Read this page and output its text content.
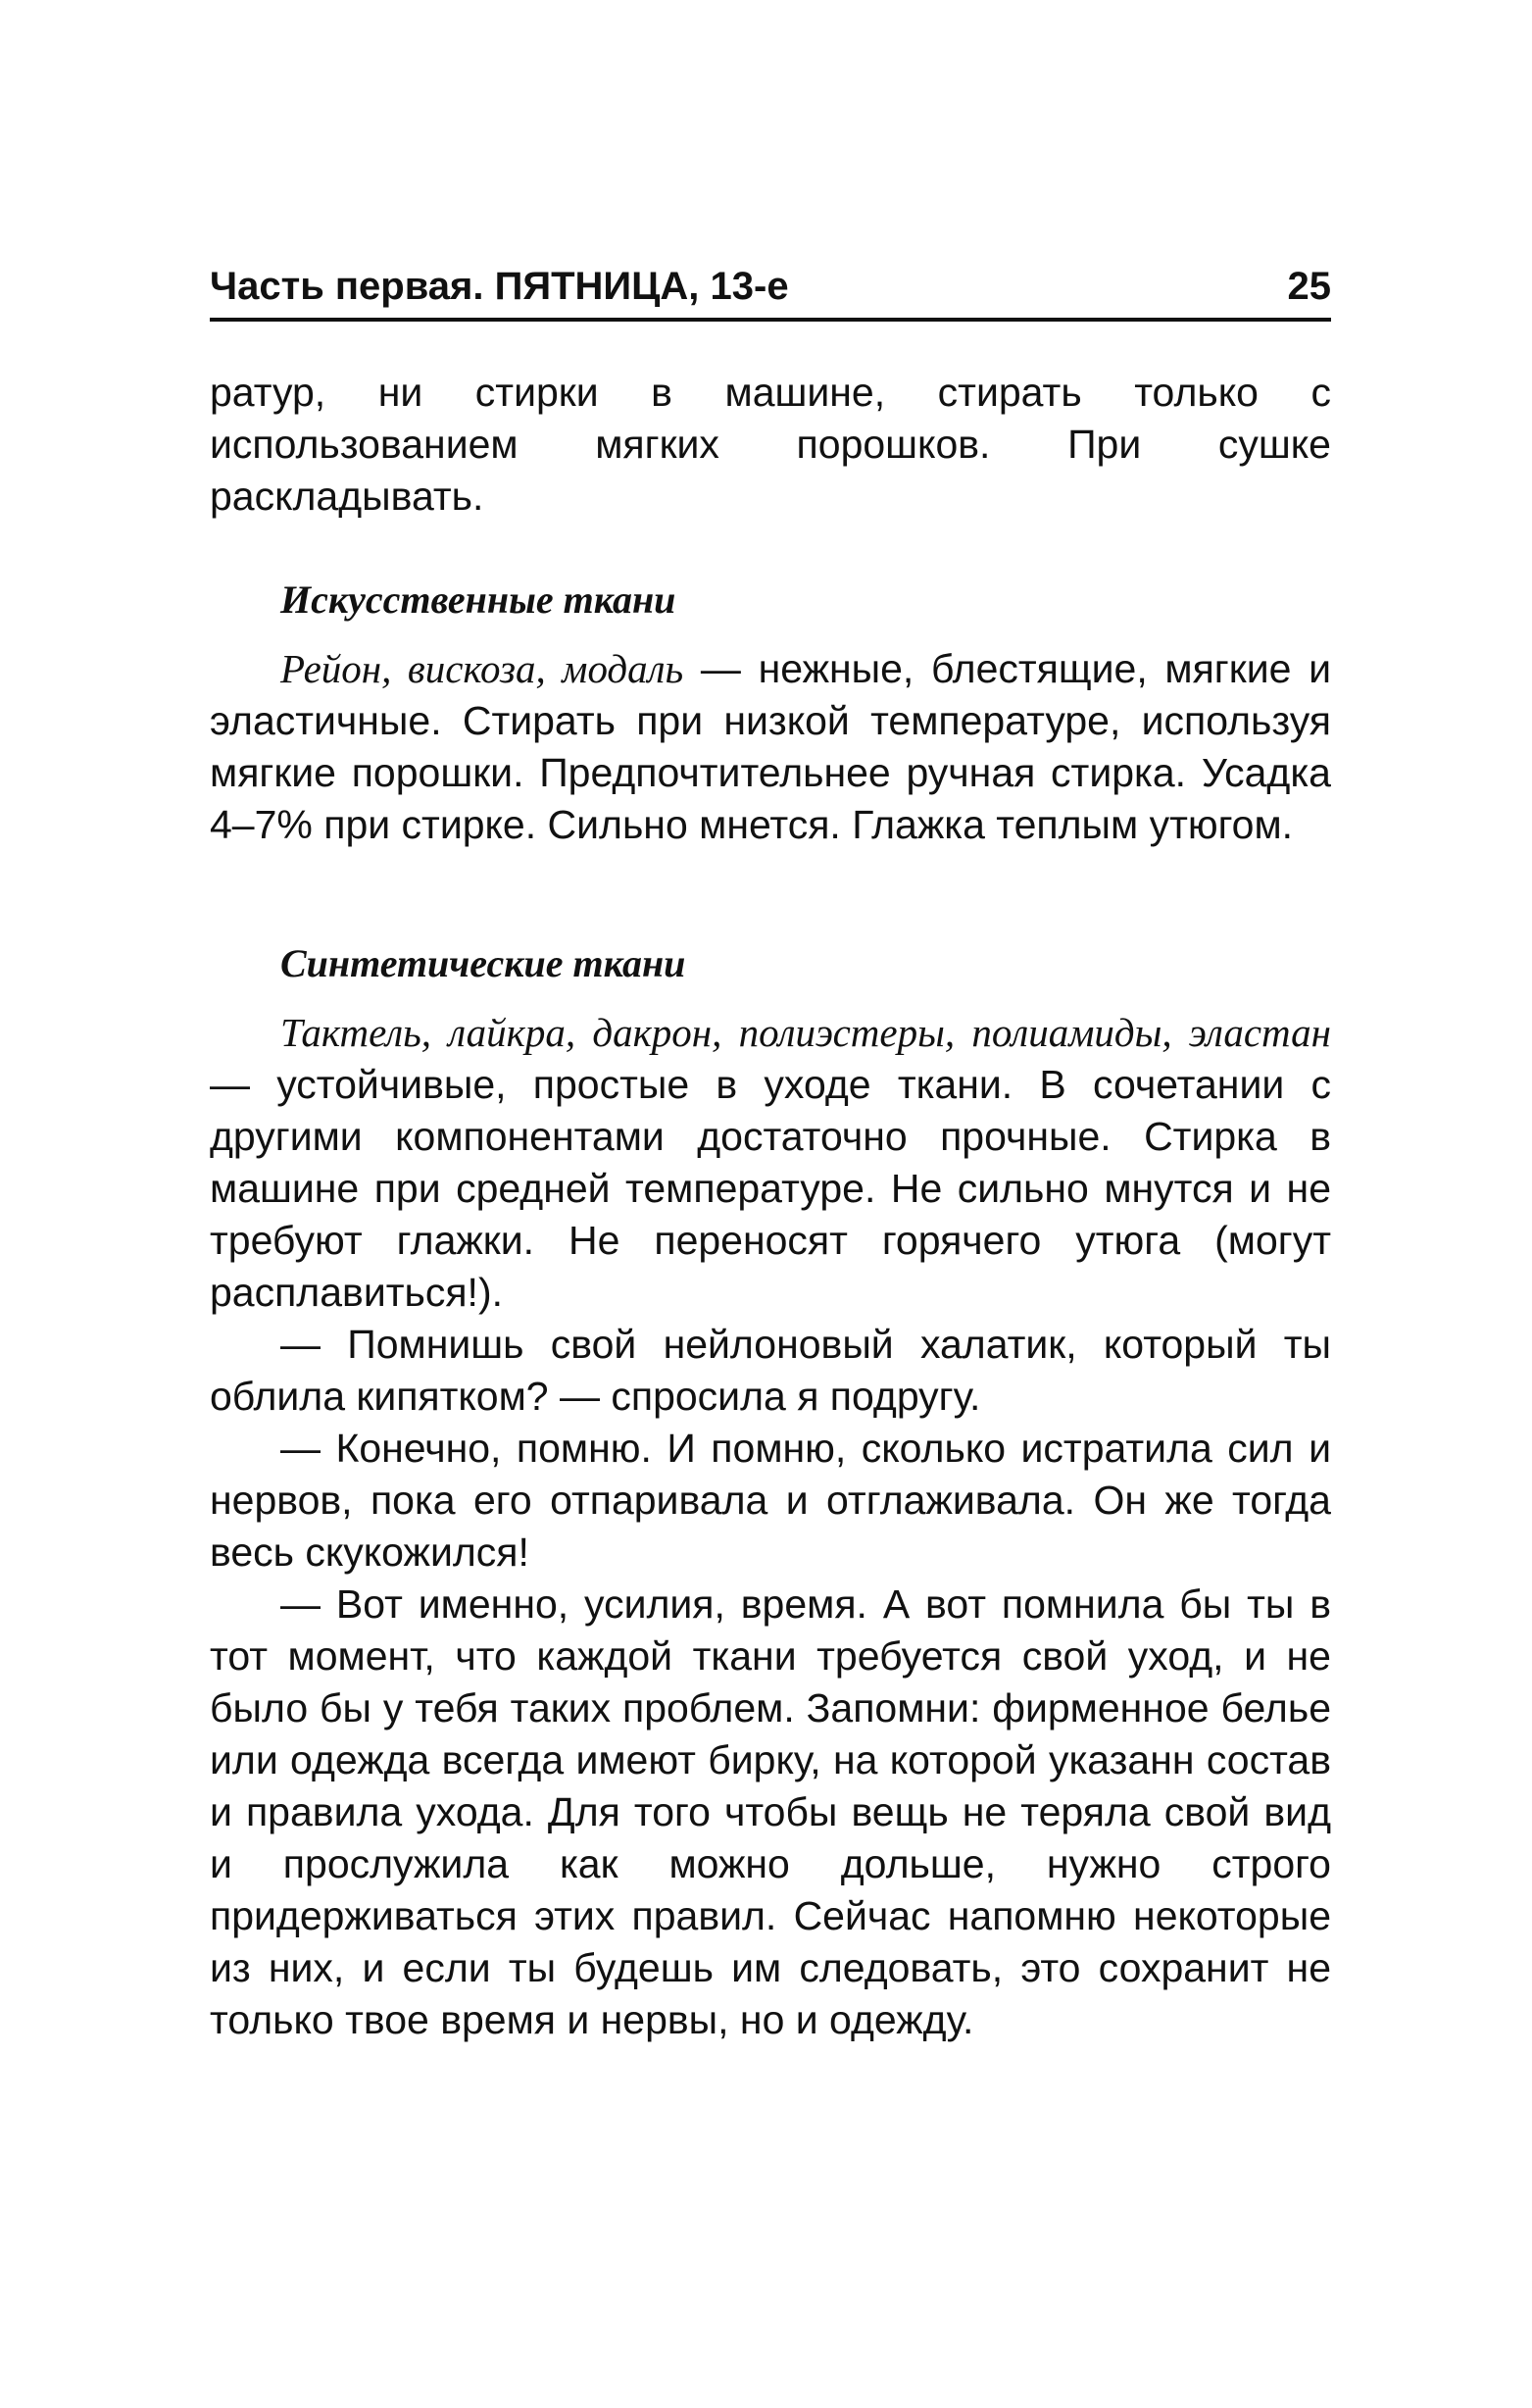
Часть первая. ПЯТНИЦА, 13-е	25

ратур, ни стирки в машине, стирать только с использованием мягких порошков. При сушке раскладывать.

Искусственные ткани

Рейон, вискоза, модаль — нежные, блестящие, мягкие и эластичные. Стирать при низкой температуре, используя мягкие порошки. Предпочтительнее ручная стирка. Усадка 4–7% при стирке. Сильно мнется. Глажка теплым утюгом.

Синтетические ткани

Тактель, лайкра, дакрон, полиэстеры, полиамиды, эластан — устойчивые, простые в уходе ткани. В сочетании с другими компонентами достаточно прочные. Стирка в машине при средней температуре. Не сильно мнутся и не требуют глажки. Не переносят горячего утюга (могут расплавиться!).

— Помнишь свой нейлоновый халатик, который ты облила кипятком? — спросила я подругу.

— Конечно, помню. И помню, сколько истратила сил и нервов, пока его отпаривала и отглаживала. Он же тогда весь скукожился!

— Вот именно, усилия, время. А вот помнила бы ты в тот момент, что каждой ткани требуется свой уход, и не было бы у тебя таких проблем. Запомни: фирменное белье или одежда всегда имеют бирку, на которой указанн состав и правила ухода. Для того чтобы вещь не теряла свой вид и прослужила как можно дольше, нужно строго придерживаться этих правил. Сейчас напомню некоторые из них, и если ты будешь им следовать, это сохранит не только твое время и нервы, но и одежду.
